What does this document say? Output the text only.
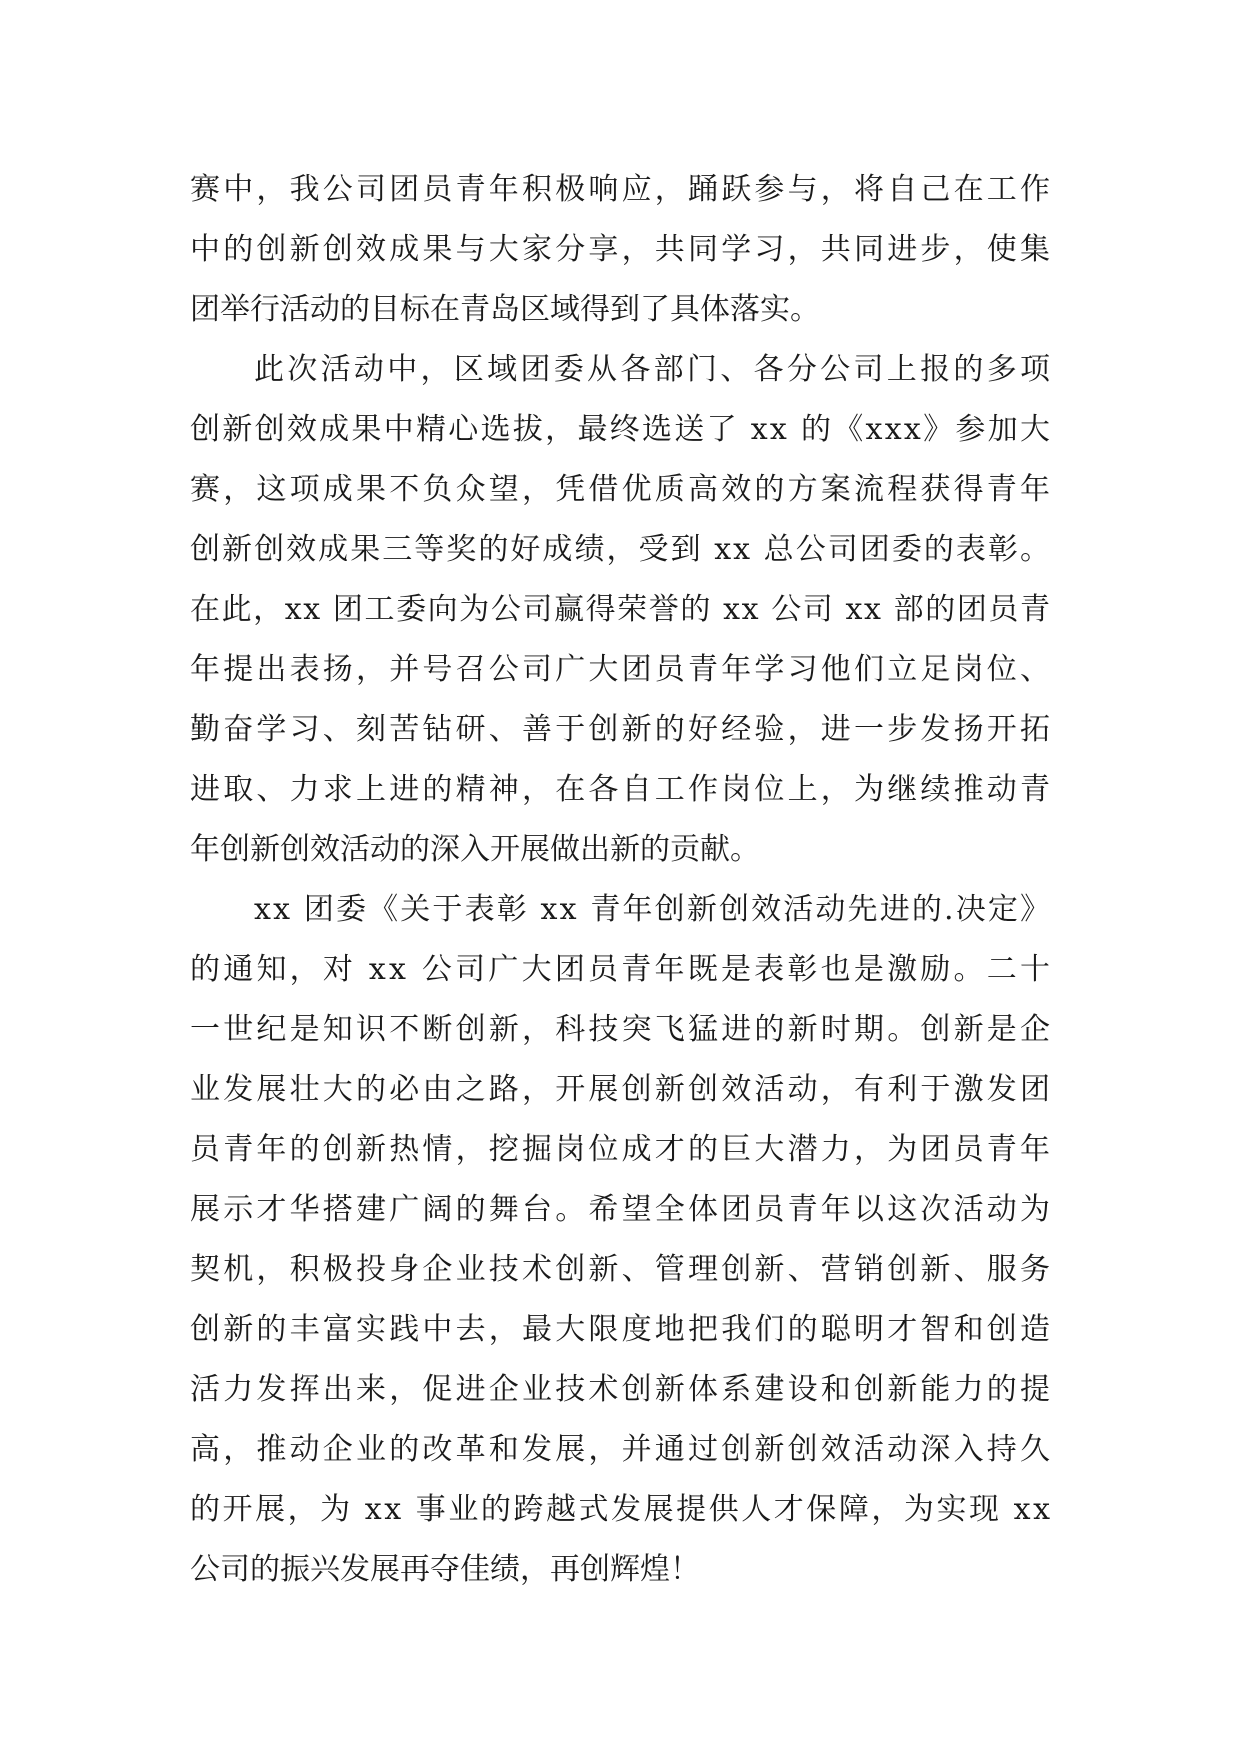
赛中，我公司团员青年积极响应，踊跃参与，将自己在工作
中的创新创效成果与大家分享，共同学习，共同进步，使集
团举行活动的目标在青岛区域得到了具体落实。
此次活动中，区域团委从各部门、各分公司上报的多项
创新创效成果中精心选拔，最终选送了 xx 的《xxx》参加大
赛，这项成果不负众望，凭借优质高效的方案流程获得青年
创新创效成果三等奖的好成绩，受到 xx 总公司团委的表彰。
在此，xx 团工委向为公司赢得荣誉的 xx 公司 xx 部的团员青
年提出表扬，并号召公司广大团员青年学习他们立足岗位、
勤奋学习、刻苦钻研、善于创新的好经验，进一步发扬开拓
进取、力求上进的精神，在各自工作岗位上，为继续推动青
年创新创效活动的深入开展做出新的贡献。
xx 团委《关于表彰 xx 青年创新创效活动先进的.决定》
的通知，对 xx 公司广大团员青年既是表彰也是激励。二十
一世纪是知识不断创新，科技突飞猛进的新时期。创新是企
业发展壮大的必由之路，开展创新创效活动，有利于激发团
员青年的创新热情，挖掘岗位成才的巨大潜力，为团员青年
展示才华搭建广阔的舞台。希望全体团员青年以这次活动为
契机，积极投身企业技术创新、管理创新、营销创新、服务
创新的丰富实践中去，最大限度地把我们的聪明才智和创造
活力发挥出来，促进企业技术创新体系建设和创新能力的提
高，推动企业的改革和发展，并通过创新创效活动深入持久
的开展，为 xx 事业的跨越式发展提供人才保障，为实现 xx
公司的振兴发展再夺佳绩，再创辉煌！
